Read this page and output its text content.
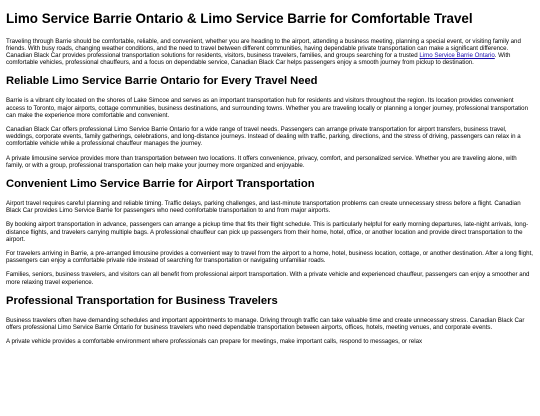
Limo Service Barrie Ontario & Limo Service Barrie for Comfortable Travel

Traveling through Barrie should be comfortable, reliable, and convenient, whether you are heading to the airport, attending a business meeting, planning a special event, or visiting family and friends. With busy roads, changing weather conditions, and the need to travel between different communities, having dependable private transportation can make a significant difference. Canadian Black Car provides professional transportation solutions for residents, visitors, business travelers, families, and groups searching for a trusted Limo Service Barrie Ontario. With comfortable vehicles, professional chauffeurs, and a focus on dependable service, Canadian Black Car helps passengers enjoy a smooth journey from pickup to destination.

Reliable Limo Service Barrie Ontario for Every Travel Need

Barrie is a vibrant city located on the shores of Lake Simcoe and serves as an important transportation hub for residents and visitors throughout the region. Its location provides convenient access to Toronto, major airports, cottage communities, business destinations, and surrounding towns. Whether you are traveling locally or planning a longer journey, professional transportation can make the experience more comfortable and convenient.

Canadian Black Car offers professional Limo Service Barrie Ontario for a wide range of travel needs. Passengers can arrange private transportation for airport transfers, business travel, weddings, corporate events, family gatherings, celebrations, and long-distance journeys. Instead of dealing with traffic, parking, directions, and the stress of driving, passengers can relax in a comfortable vehicle while a professional chauffeur manages the journey.

A private limousine service provides more than transportation between two locations. It offers convenience, privacy, comfort, and personalized service. Whether you are traveling alone, with family, or with a group, professional transportation can help make your journey more organized and enjoyable.

Convenient Limo Service Barrie for Airport Transportation

Airport travel requires careful planning and reliable timing. Traffic delays, parking challenges, and last-minute transportation problems can create unnecessary stress before a flight. Canadian Black Car provides Limo Service Barrie for passengers who need comfortable transportation to and from major airports.

By booking airport transportation in advance, passengers can arrange a pickup time that fits their flight schedule. This is particularly helpful for early morning departures, late-night arrivals, long-distance flights, and travelers carrying multiple bags. A professional chauffeur can pick up passengers from their home, hotel, office, or another location and provide direct transportation to the airport.

For travelers arriving in Barrie, a pre-arranged limousine provides a convenient way to travel from the airport to a home, hotel, business location, cottage, or another destination. After a long flight, passengers can enjoy a comfortable private ride instead of searching for transportation or navigating unfamiliar roads.

Families, seniors, business travelers, and visitors can all benefit from professional airport transportation. With a private vehicle and experienced chauffeur, passengers can enjoy a smoother and more relaxing travel experience.

Professional Transportation for Business Travelers

Business travelers often have demanding schedules and important appointments to manage. Driving through traffic can take valuable time and create unnecessary stress. Canadian Black Car offers professional Limo Service Barrie Ontario for business travelers who need dependable transportation between airports, offices, hotels, meeting venues, and corporate events.

A private vehicle provides a comfortable environment where professionals can prepare for meetings, make important calls, respond to messages, or relax
